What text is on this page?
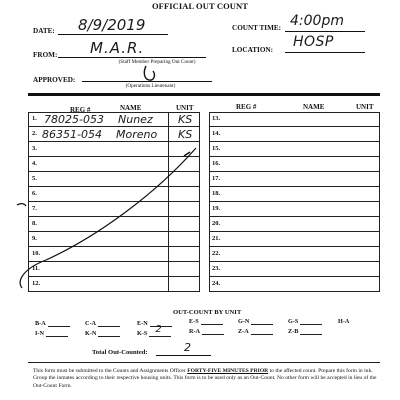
OFFICIAL OUT COUNT
DATE: 8/9/2019	COUNT TIME: 4:00pm
FROM: M.A.R.
(Staff Member Preparing Out Count)
LOCATION: HOSP
APPROVED:
(Operations Lieutenant)
REG #	NAME	UNIT	REG #	NAME	UNIT
1. 78025-053 Nunez KS
2. 86351-054 Moreno KS
3.
4.
5.
6.
7.
8.
9.
10.
11.
12.
13.
14.
15.
16.
17.
18.
19.
20.
21.
22.
23.
24.
OUT-COUNT BY UNIT
B-A	C-A	E-N	E-S	G-N	G-S	H-A
I-N	K-N	K-S 2	R-A	Z-A	Z-B
Total Out-Counted:	2
This form must be submitted to the Counts and Assignments Officer FORTY-FIVE MINUTES PRIOR to the affected count. Prepare this form in ink. Group the inmates according to their respective housing units. This form is to be used only as an Out-Count. No other form will be accepted in lieu of the Out-Count Form.
